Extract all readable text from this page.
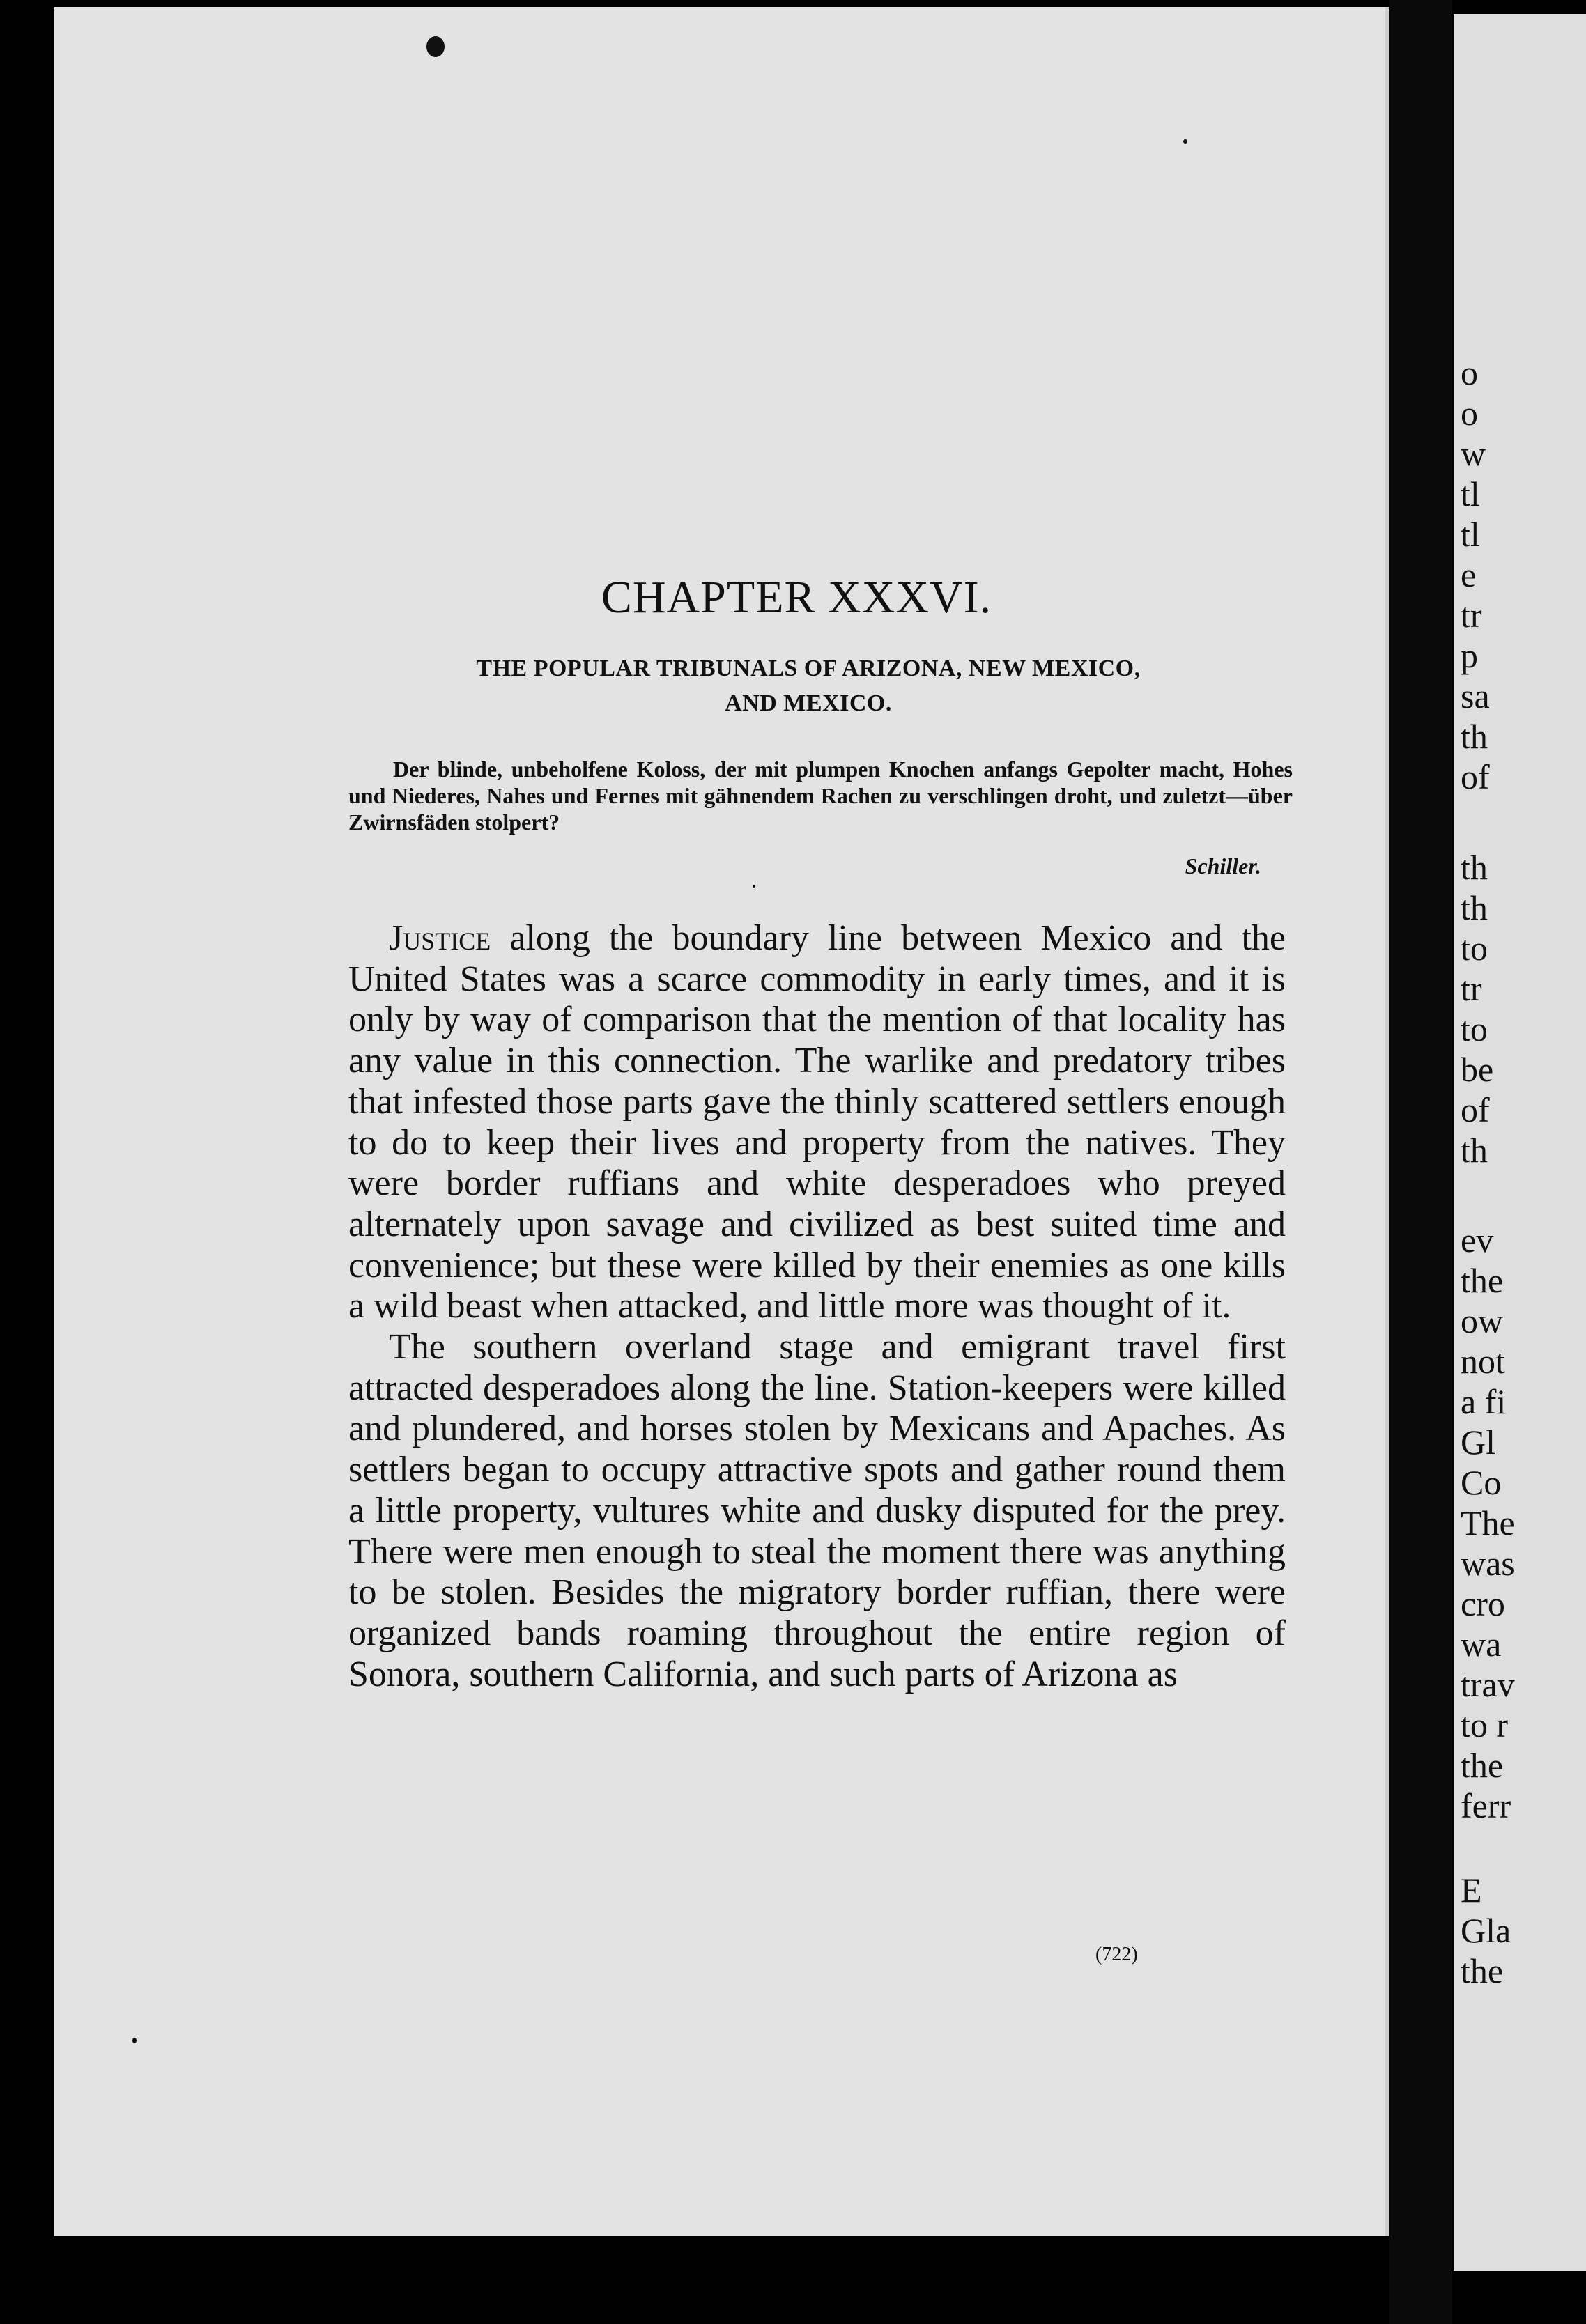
o
o
w
tl
tl
e
tr
p
sa
th
of
th
th
to
tr
to
be
of
th
ev
the
ow
not
a fi
Gl
Co
The
was
cro
wa
trav
to r
the
ferr
E
Gla
the
CHAPTER XXXVI.
THE POPULAR TRIBUNALS OF ARIZONA, NEW MEXICO,
AND MEXICO.

Der blinde, unbeholfene Koloss, der mit plumpen Knochen anfangs Gepolter macht, Hohes und Niederes, Nahes und Fernes mit gähnendem Rachen zu verschlingen droht, und zuletzt—über Zwirnsfäden stolpert?

Schiller.

Justice along the boundary line between Mexico and the United States was a scarce commodity in early times, and it is only by way of comparison that the mention of that locality has any value in this connection. The warlike and predatory tribes that infested those parts gave the thinly scattered settlers enough to do to keep their lives and property from the natives. They were border ruffians and white desperadoes who preyed alternately upon savage and civilized as best suited time and convenience; but these were killed by their enemies as one kills a wild beast when attacked, and little more was thought of it.

The southern overland stage and emigrant travel first attracted desperadoes along the line. Station-keepers were killed and plundered, and horses stolen by Mexicans and Apaches. As settlers began to occupy attractive spots and gather round them a little property, vultures white and dusky disputed for the prey. There were men enough to steal the moment there was anything to be stolen. Besides the migratory border ruffian, there were organized bands roaming throughout the entire region of Sonora, southern California, and such parts of Arizona as

(722)
